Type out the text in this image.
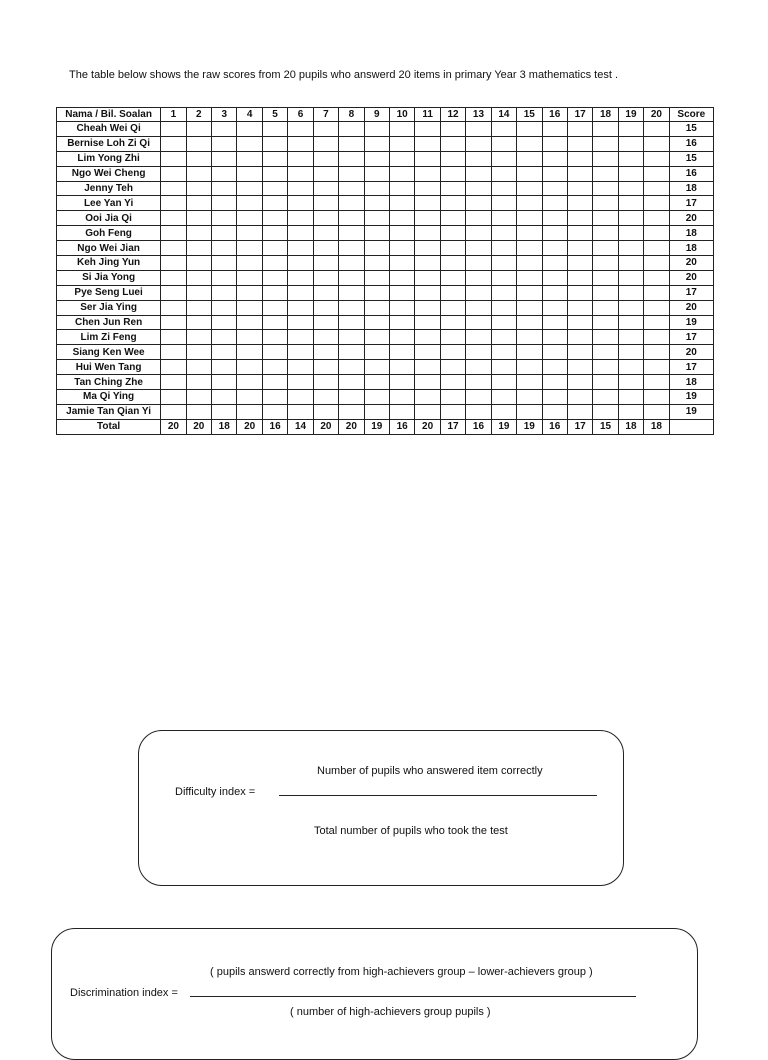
The table below shows the raw scores from 20 pupils who answerd 20 items in primary Year 3 mathematics test .
Nama / Bil. Soalan	1	2	3	4	5	6	7	8	9	10	11	12	13	14	15	16	17	18	19	20	Score
Cheah Wei Qi																					15
Bernise Loh Zi Qi																					16
Lim Yong Zhi																					15
Ngo Wei Cheng																					16
Jenny Teh																					18
Lee Yan Yi																					17
Ooi Jia Qi																					20
Goh Feng																					18
Ngo Wei Jian																					18
Keh Jing Yun																					20
Si Jia Yong																					20
Pye Seng Luei																					17
Ser Jia Ying																					20
Chen Jun Ren																					19
Lim Zi Feng																					17
Siang Ken Wee																					20
Hui Wen Tang																					17
Tan Ching Zhe																					18
Ma Qi Ying																					19
Jamie Tan Qian Yi																					19
Total	20	20	18	20	16	14	20	20	19	16	20	17	16	19	19	16	17	15	18	18	
Number of pupils who answered item correctly
Difficulty index =
Total number of pupils who took the test
( pupils answerd correctly from high-achievers group – lower-achievers group )
Discrimination index =
( number of high-achievers group pupils )
